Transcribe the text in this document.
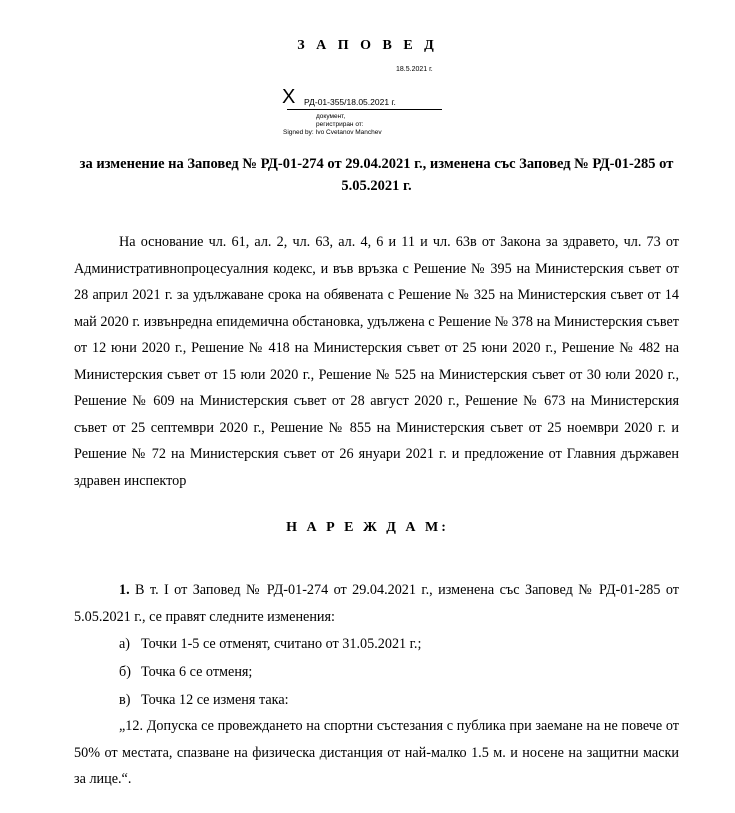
З А П О В Е Д
18.5.2021 г.
X РД-01-355/18.05.2021 г.
документ,
регистриран от:
Signed by: Ivo Cvetanov Manchev
за изменение на Заповед № РД-01-274 от 29.04.2021 г., изменена със Заповед № РД-01-285 от 5.05.2021 г.
На основание чл. 61, ал. 2, чл. 63, ал. 4, 6 и 11 и чл. 63в от Закона за здравето, чл. 73 от Административнопроцесуалния кодекс, и във връзка с Решение № 395 на Министерския съвет от 28 април 2021 г. за удължаване срока на обявената с Решение № 325 на Министерския съвет от 14 май 2020 г. извънредна епидемична обстановка, удължена с Решение № 378 на Министерския съвет от 12 юни 2020 г., Решение № 418 на Министерския съвет от 25 юни 2020 г., Решение № 482 на Министерския съвет от 15 юли 2020 г., Решение № 525 на Министерския съвет от 30 юли 2020 г., Решение № 609 на Министерския съвет от 28 август 2020 г., Решение № 673 на Министерския съвет от 25 септември 2020 г., Решение № 855 на Министерския съвет от 25 ноември 2020 г. и Решение № 72 на Министерския съвет от 26 януари 2021 г. и предложение от Главния държавен здравен инспектор
Н А Р Е Ж Д А М:
1. В т. I от Заповед № РД-01-274 от 29.04.2021 г., изменена със Заповед № РД-01-285 от 5.05.2021 г., се правят следните изменения:
а) Точки 1-5 се отменят, считано от 31.05.2021 г.;
б) Точка 6 се отменя;
в) Точка 12 се изменя така:
„12. Допуска се провеждането на спортни състезания с публика при заемане на не повече от 50% от местата, спазване на физическа дистанция от най-малко 1.5 м. и носене на защитни маски за лице.“.
